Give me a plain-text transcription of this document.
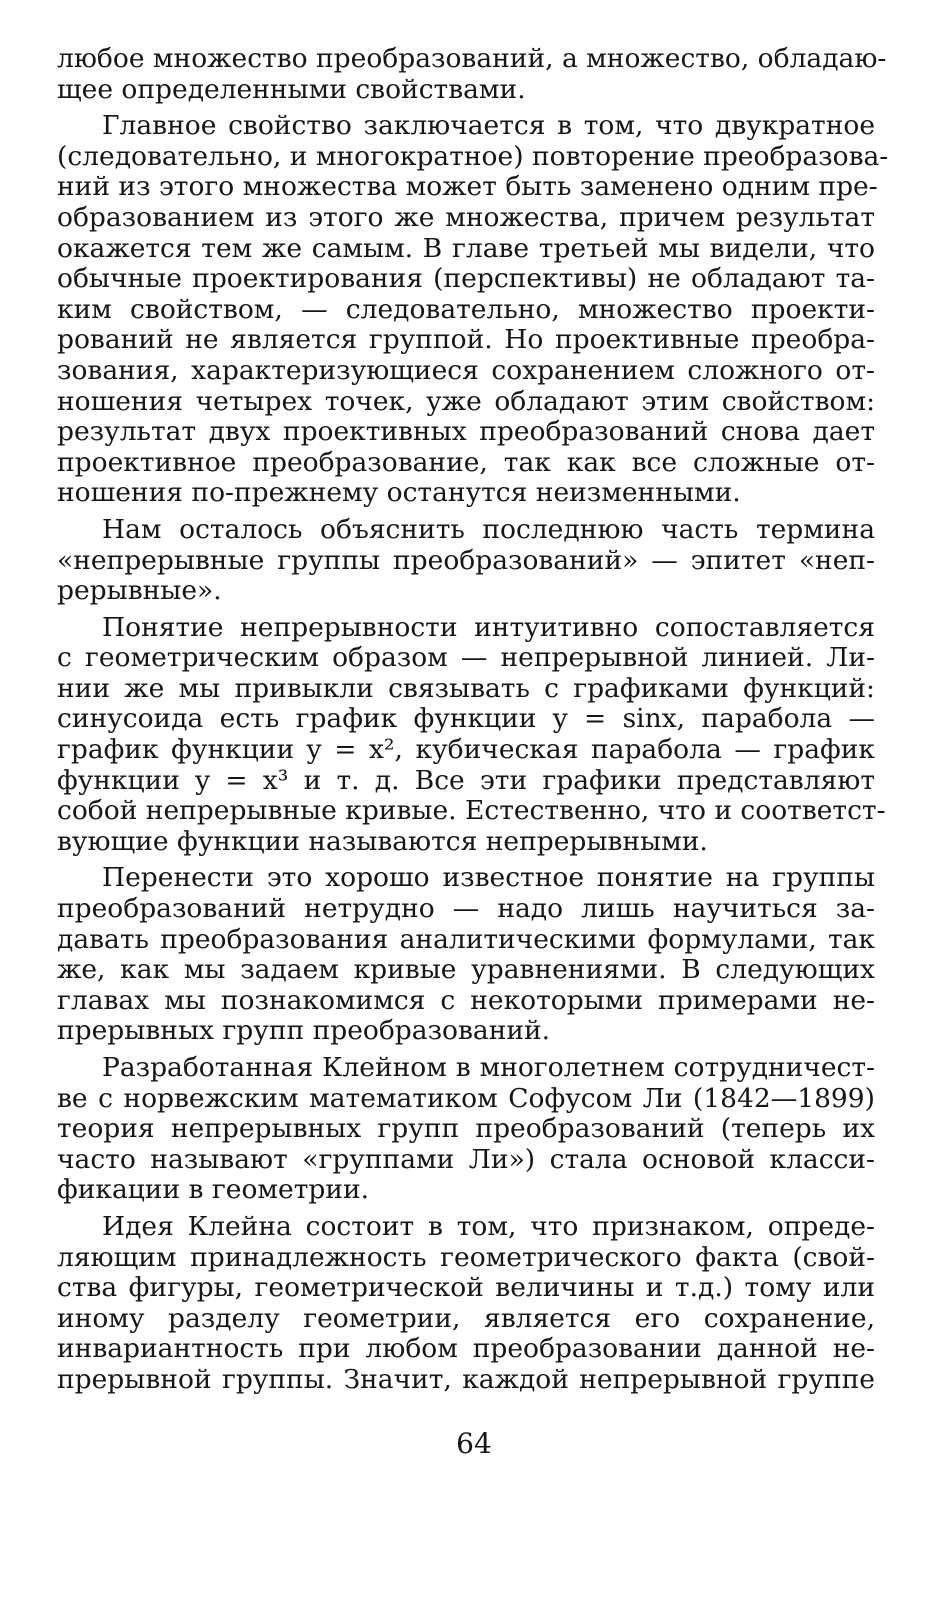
любое множество преобразований, а множество, обладаю-
щее определенными свойствами.
Главное свойство заключается в том, что двукратное
(следовательно, и многократное) повторение преобразова-
ний из этого множества может быть заменено одним пре-
образованием из этого же множества, причем результат
окажется тем же самым. В главе третьей мы видели, что
обычные проектирования (перспективы) не обладают та-
ким свойством, — следовательно, множество проекти-
рований не является группой. Но проективные преобра-
зования, характеризующиеся сохранением сложного от-
ношения четырех точек, уже обладают этим свойством:
результат двух проективных преобразований снова дает
проективное преобразование, так как все сложные от-
ношения по-прежнему останутся неизменными.
Нам осталось объяснить последнюю часть термина
«непрерывные группы преобразований» — эпитет «неп-
рерывные».
Понятие непрерывности интуитивно сопоставляется
с геометрическим образом — непрерывной линией. Ли-
нии же мы привыкли связывать с графиками функций:
синусоида есть график функции y = sinx, парабола —
график функции y = x², кубическая парабола — график
функции y = x³ и т. д. Все эти графики представляют
собой непрерывные кривые. Естественно, что и соответст-
вующие функции называются непрерывными.
Перенести это хорошо известное понятие на группы
преобразований нетрудно — надо лишь научиться за-
давать преобразования аналитическими формулами, так
же, как мы задаем кривые уравнениями. В следующих
главах мы познакомимся с некоторыми примерами не-
прерывных групп преобразований.
Разработанная Клейном в многолетнем сотрудничест-
ве с норвежским математиком Софусом Ли (1842—1899)
теория непрерывных групп преобразований (теперь их
часто называют «группами Ли») стала основой класси-
фикации в геометрии.
Идея Клейна состоит в том, что признаком, опреде-
ляющим принадлежность геометрического факта (свой-
ства фигуры, геометрической величины и т.д.) тому или
иному разделу геометрии, является его сохранение,
инвариантность при любом преобразовании данной не-
прерывной группы. Значит, каждой непрерывной группе
64
